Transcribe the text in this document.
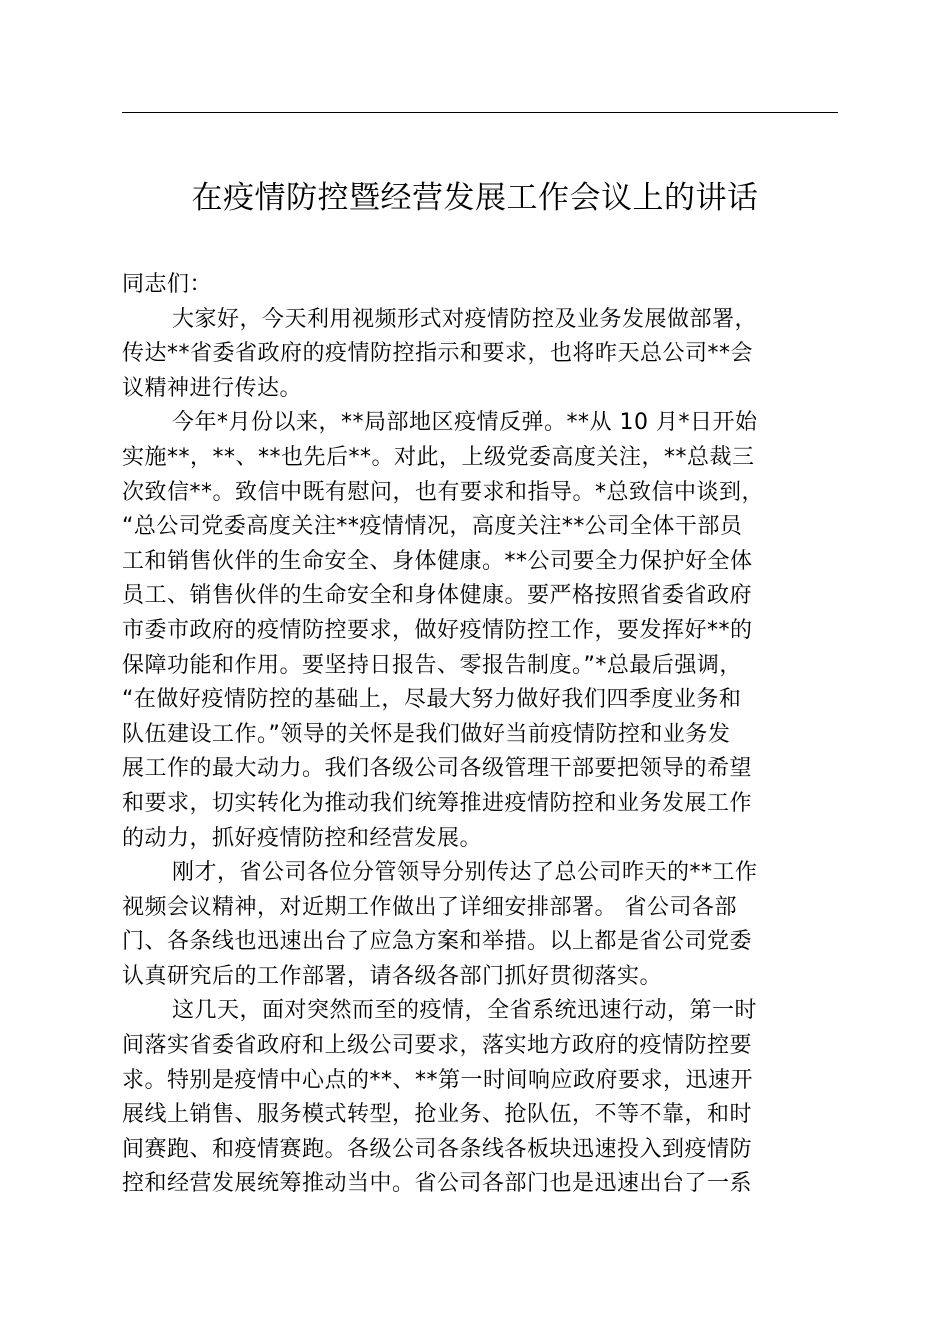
在疫情防控暨经营发展工作会议上的讲话

同志们：

大家好，今天利用视频形式对疫情防控及业务发展做部署，
传达**省委省政府的疫情防控指示和要求，也将昨天总公司**会
议精神进行传达。

今年*月份以来，**局部地区疫情反弹。**从 10 月*日开始
实施**，**、**也先后**。对此，上级党委高度关注，**总裁三
次致信**。致信中既有慰问，也有要求和指导。*总致信中谈到，
“总公司党委高度关注**疫情情况，高度关注**公司全体干部员
工和销售伙伴的生命安全、身体健康。**公司要全力保护好全体
员工、销售伙伴的生命安全和身体健康。要严格按照省委省政府
市委市政府的疫情防控要求，做好疫情防控工作，要发挥好**的
保障功能和作用。要坚持日报告、零报告制度。”*总最后强调，
“在做好疫情防控的基础上，尽最大努力做好我们四季度业务和
队伍建设工作。”领导的关怀是我们做好当前疫情防控和业务发
展工作的最大动力。我们各级公司各级管理干部要把领导的希望
和要求，切实转化为推动我们统筹推进疫情防控和业务发展工作
的动力，抓好疫情防控和经营发展。

刚才，省公司各位分管领导分别传达了总公司昨天的**工作
视频会议精神，对近期工作做出了详细安排部署。 省公司各部
门、各条线也迅速出台了应急方案和举措。以上都是省公司党委
认真研究后的工作部署，请各级各部门抓好贯彻落实。

这几天，面对突然而至的疫情，全省系统迅速行动，第一时
间落实省委省政府和上级公司要求，落实地方政府的疫情防控要
求。特别是疫情中心点的**、**第一时间响应政府要求，迅速开
展线上销售、服务模式转型，抢业务、抢队伍，不等不靠，和时
间赛跑、和疫情赛跑。各级公司各条线各板块迅速投入到疫情防
控和经营发展统筹推动当中。省公司各部门也是迅速出台了一系
